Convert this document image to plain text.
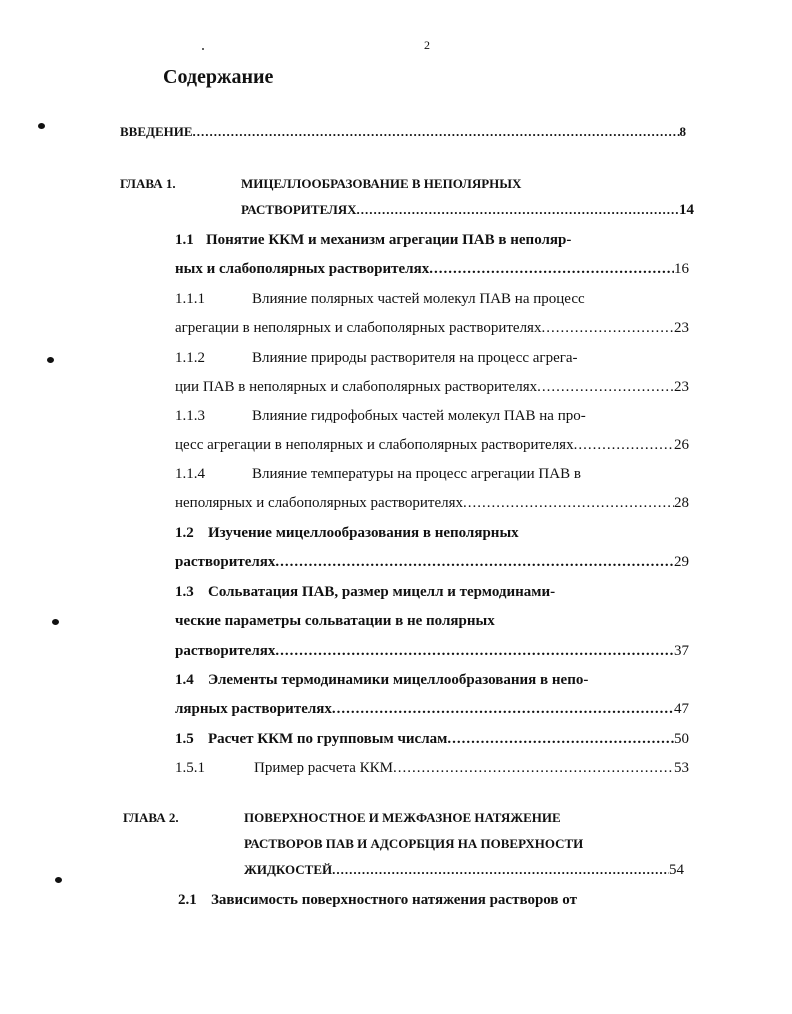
2
Содержание
ВВЕДЕНИЕ .....	8
ГЛАВА 1.	МИЦЕЛЛООБРАЗОВАНИЕ В НЕПОЛЯРНЫХ
РАСТВОРИТЕЛЯХ .....	14
1.1 Понятие ККМ и механизм агрегации ПАВ в неполяр-
ных и слабополярных растворителях .....	16
1.1.1	Влияние полярных частей молекул ПАВ на процесс
агрегации в неполярных и слабополярных растворителях .....	23
1.1.2	Влияние природы растворителя на процесс агрега-
ции ПАВ в неполярных и слабополярных растворителях .....	23
1.1.3	Влияние гидрофобных частей молекул ПАВ на про-
цесс агрегации в неполярных и слабополярных растворителях .....	26
1.1.4	Влияние температуры на процесс агрегации ПАВ в
неполярных и слабополярных растворителях .....	28
1.2 Изучение мицеллообразования в неполярных
растворителях .....	29
1.3 Сольватация ПАВ, размер мицелл и термодинами-
ческие параметры сольватации в не полярных
растворителях .....	37
1.4 Элементы термодинамики мицеллообразования в непо-
лярных растворителях .....	47
1.5 Расчет ККМ по групповым числам .....	50
1.5.1	Пример расчета ККМ .....	53
ГЛАВА 2.	ПОВЕРХНОСТНОЕ И МЕЖФАЗНОЕ НАТЯЖЕНИЕ
РАСТВОРОВ ПАВ И АДСОРБЦИЯ НА ПОВЕРХНОСТИ
ЖИДКОСТЕЙ .....	54
2.1 Зависимость поверхностного натяжения растворов от
